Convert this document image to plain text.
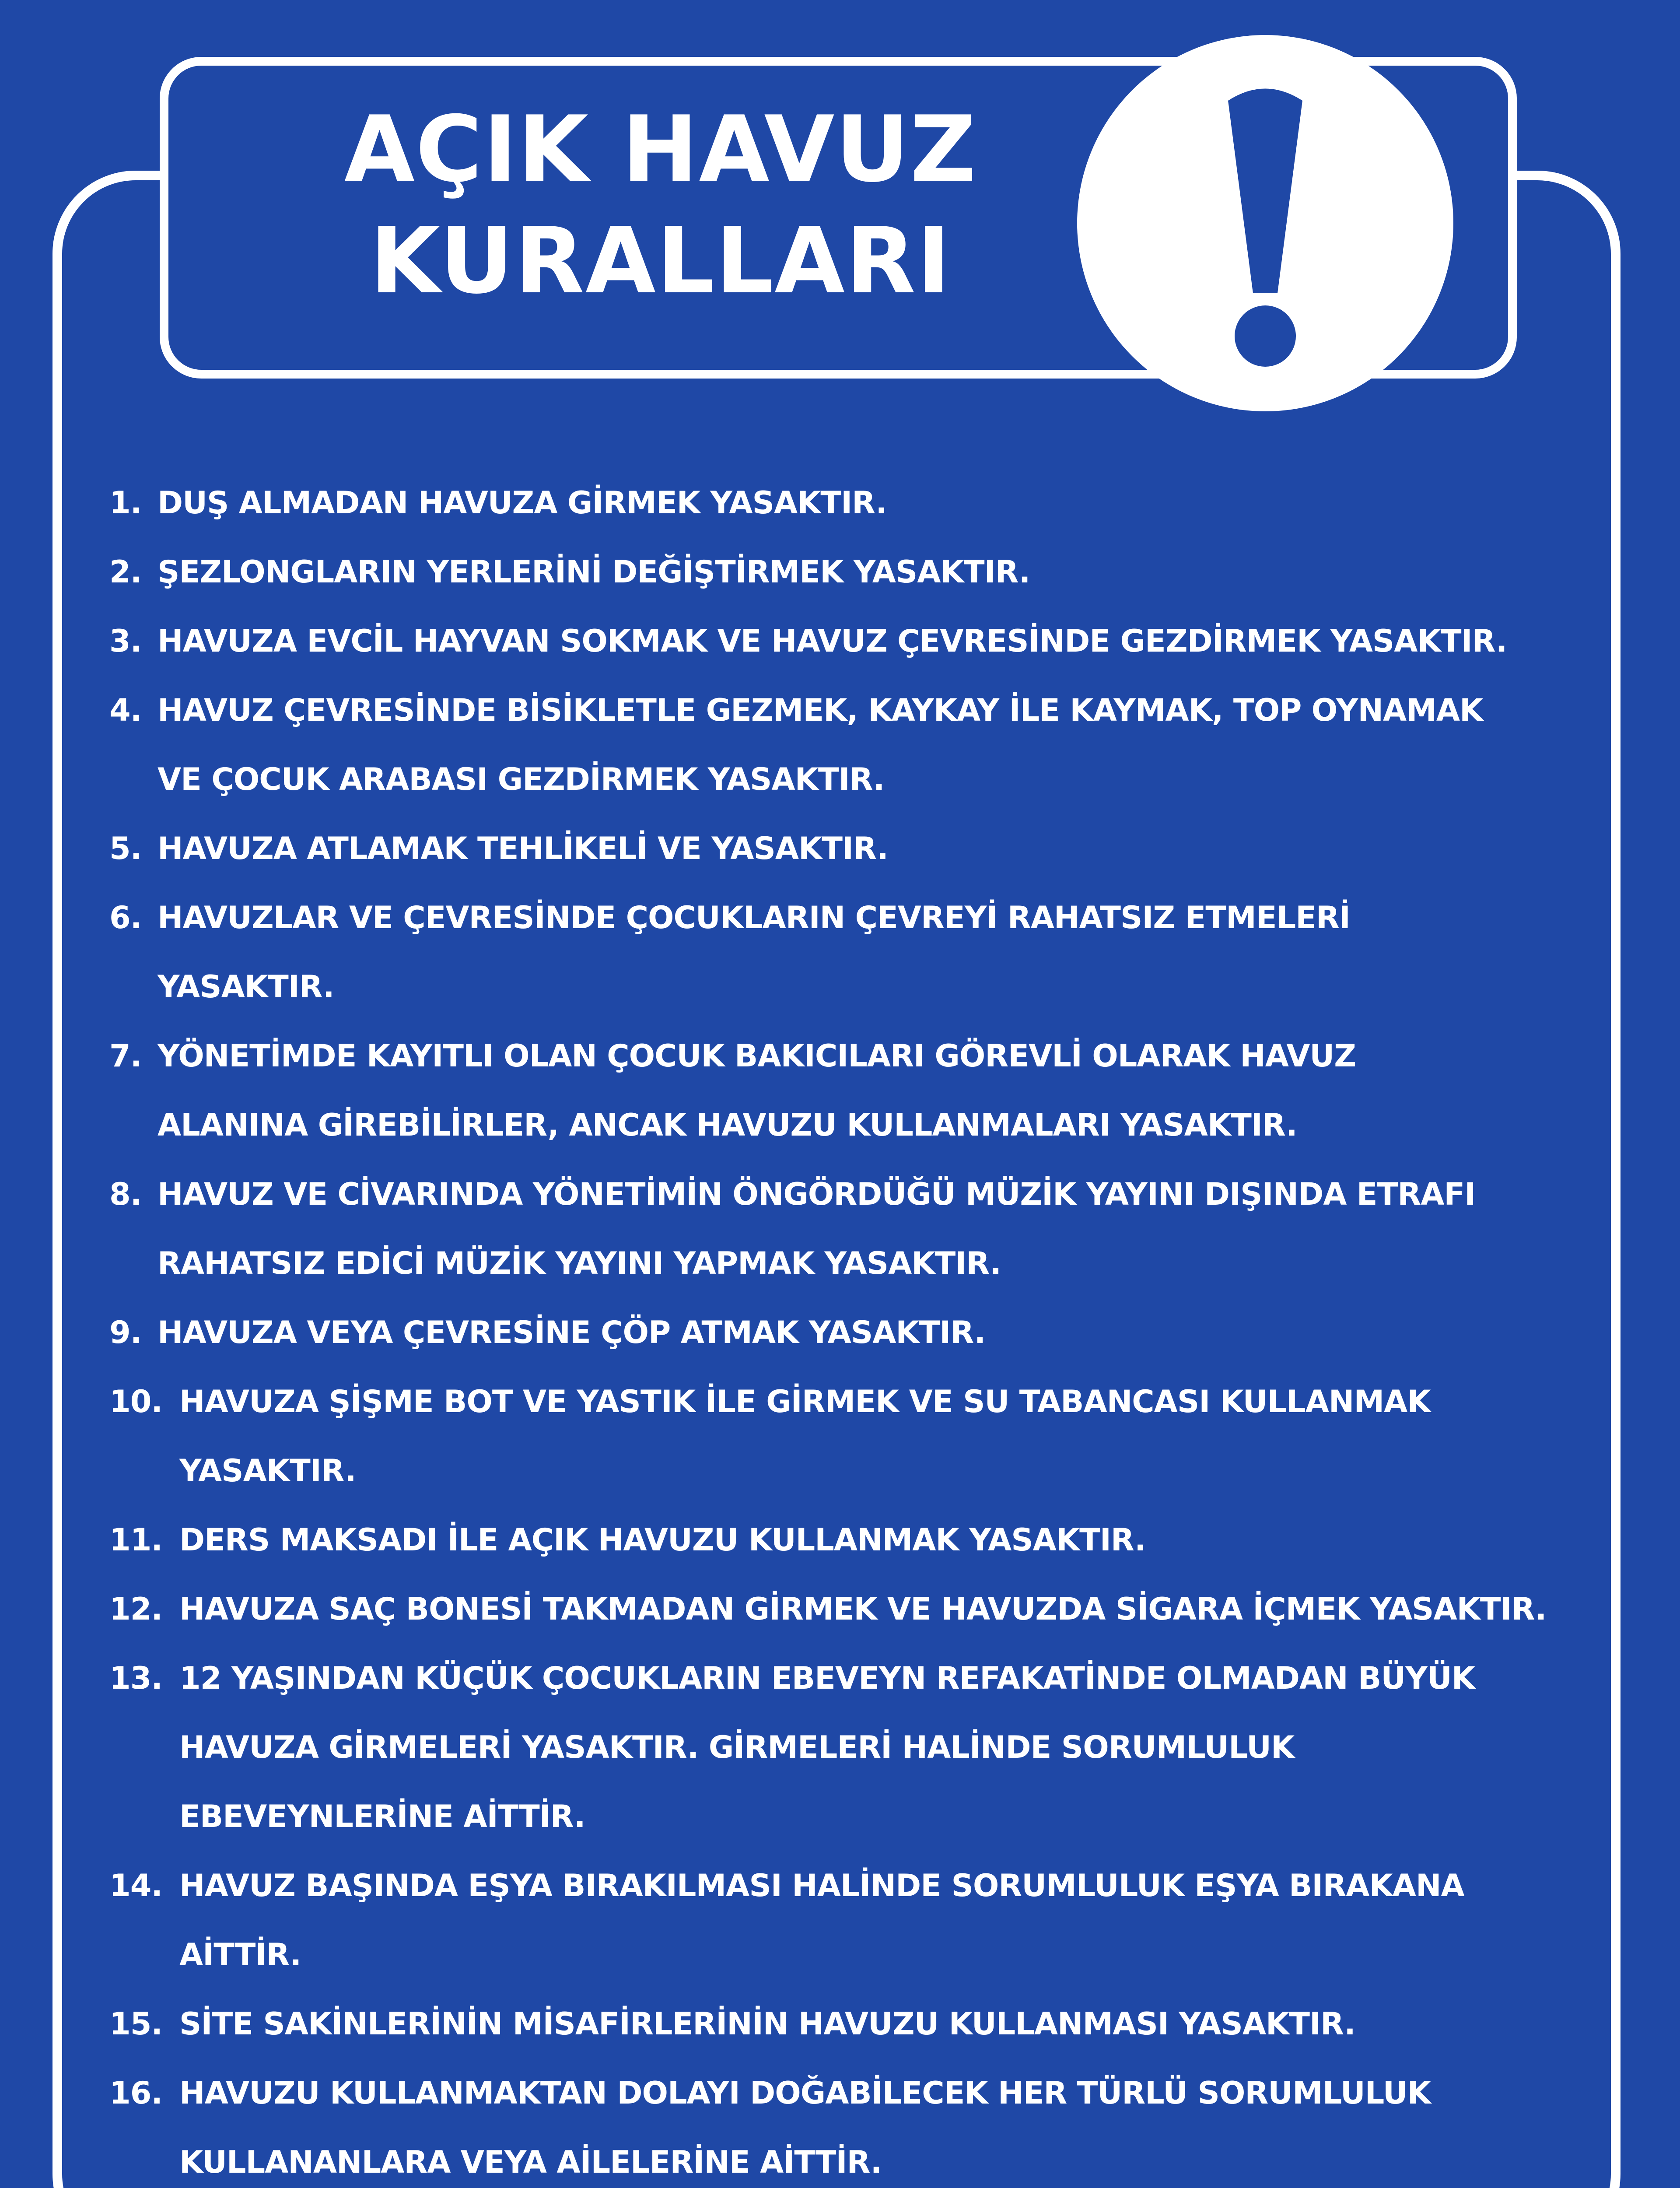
AÇIK HAVUZ
KURALLARI
1. DUŞ ALMADAN HAVUZA GİRMEK YASAKTIR.
2. ŞEZLONGLARIN YERLERİNİ DEĞİŞTİRMEK YASAKTIR.
3. HAVUZA EVCİL HAYVAN SOKMAK VE HAVUZ ÇEVRESİNDE GEZDİRMEK YASAKTIR.
4. HAVUZ ÇEVRESİNDE BİSİKLETLE GEZMEK, KAYKAY İLE KAYMAK, TOP OYNAMAK
VE ÇOCUK ARABASI GEZDİRMEK YASAKTIR.
5. HAVUZA ATLAMAK TEHLİKELİ VE YASAKTIR.
6. HAVUZLAR VE ÇEVRESİNDE ÇOCUKLARIN ÇEVREYİ RAHATSIZ ETMELERİ
YASAKTIR.
7. YÖNETİMDE KAYITLI OLAN ÇOCUK BAKICILARI GÖREVLİ OLARAK HAVUZ
ALANINA GİREBİLİRLER, ANCAK HAVUZU KULLANMALARI YASAKTIR.
8. HAVUZ VE CİVARINDA YÖNETİMİN ÖNGÖRDÜĞÜ MÜZİK YAYINI DIŞINDA ETRAFI
RAHATSIZ EDİCİ MÜZİK YAYINI YAPMAK YASAKTIR.
9. HAVUZA VEYA ÇEVRESİNE ÇÖP ATMAK YASAKTIR.
10. HAVUZA ŞİŞME BOT VE YASTIK İLE GİRMEK VE SU TABANCASI KULLANMAK
YASAKTIR.
11. DERS MAKSADI İLE AÇIK HAVUZU KULLANMAK YASAKTIR.
12. HAVUZA SAÇ BONESİ TAKMADAN GİRMEK VE HAVUZDA SİGARA İÇMEK YASAKTIR.
13. 12 YAŞINDAN KÜÇÜK ÇOCUKLARIN EBEVEYN REFAKATİNDE OLMADAN BÜYÜK
HAVUZA GİRMELERİ YASAKTIR. GİRMELERİ HALİNDE SORUMLULUK
EBEVEYNLERİNE AİTTİR.
14. HAVUZ BAŞINDA EŞYA BIRAKILMASI HALİNDE SORUMLULUK EŞYA BIRAKANA
AİTTİR.
15. SİTE SAKİNLERİNİN MİSAFİRLERİNİN HAVUZU KULLANMASI YASAKTIR.
16. HAVUZU KULLANMAKTAN DOLAYI DOĞABİLECEK HER TÜRLÜ SORUMLULUK
KULLANANLARA VEYA AİLELERİNE AİTTİR.
